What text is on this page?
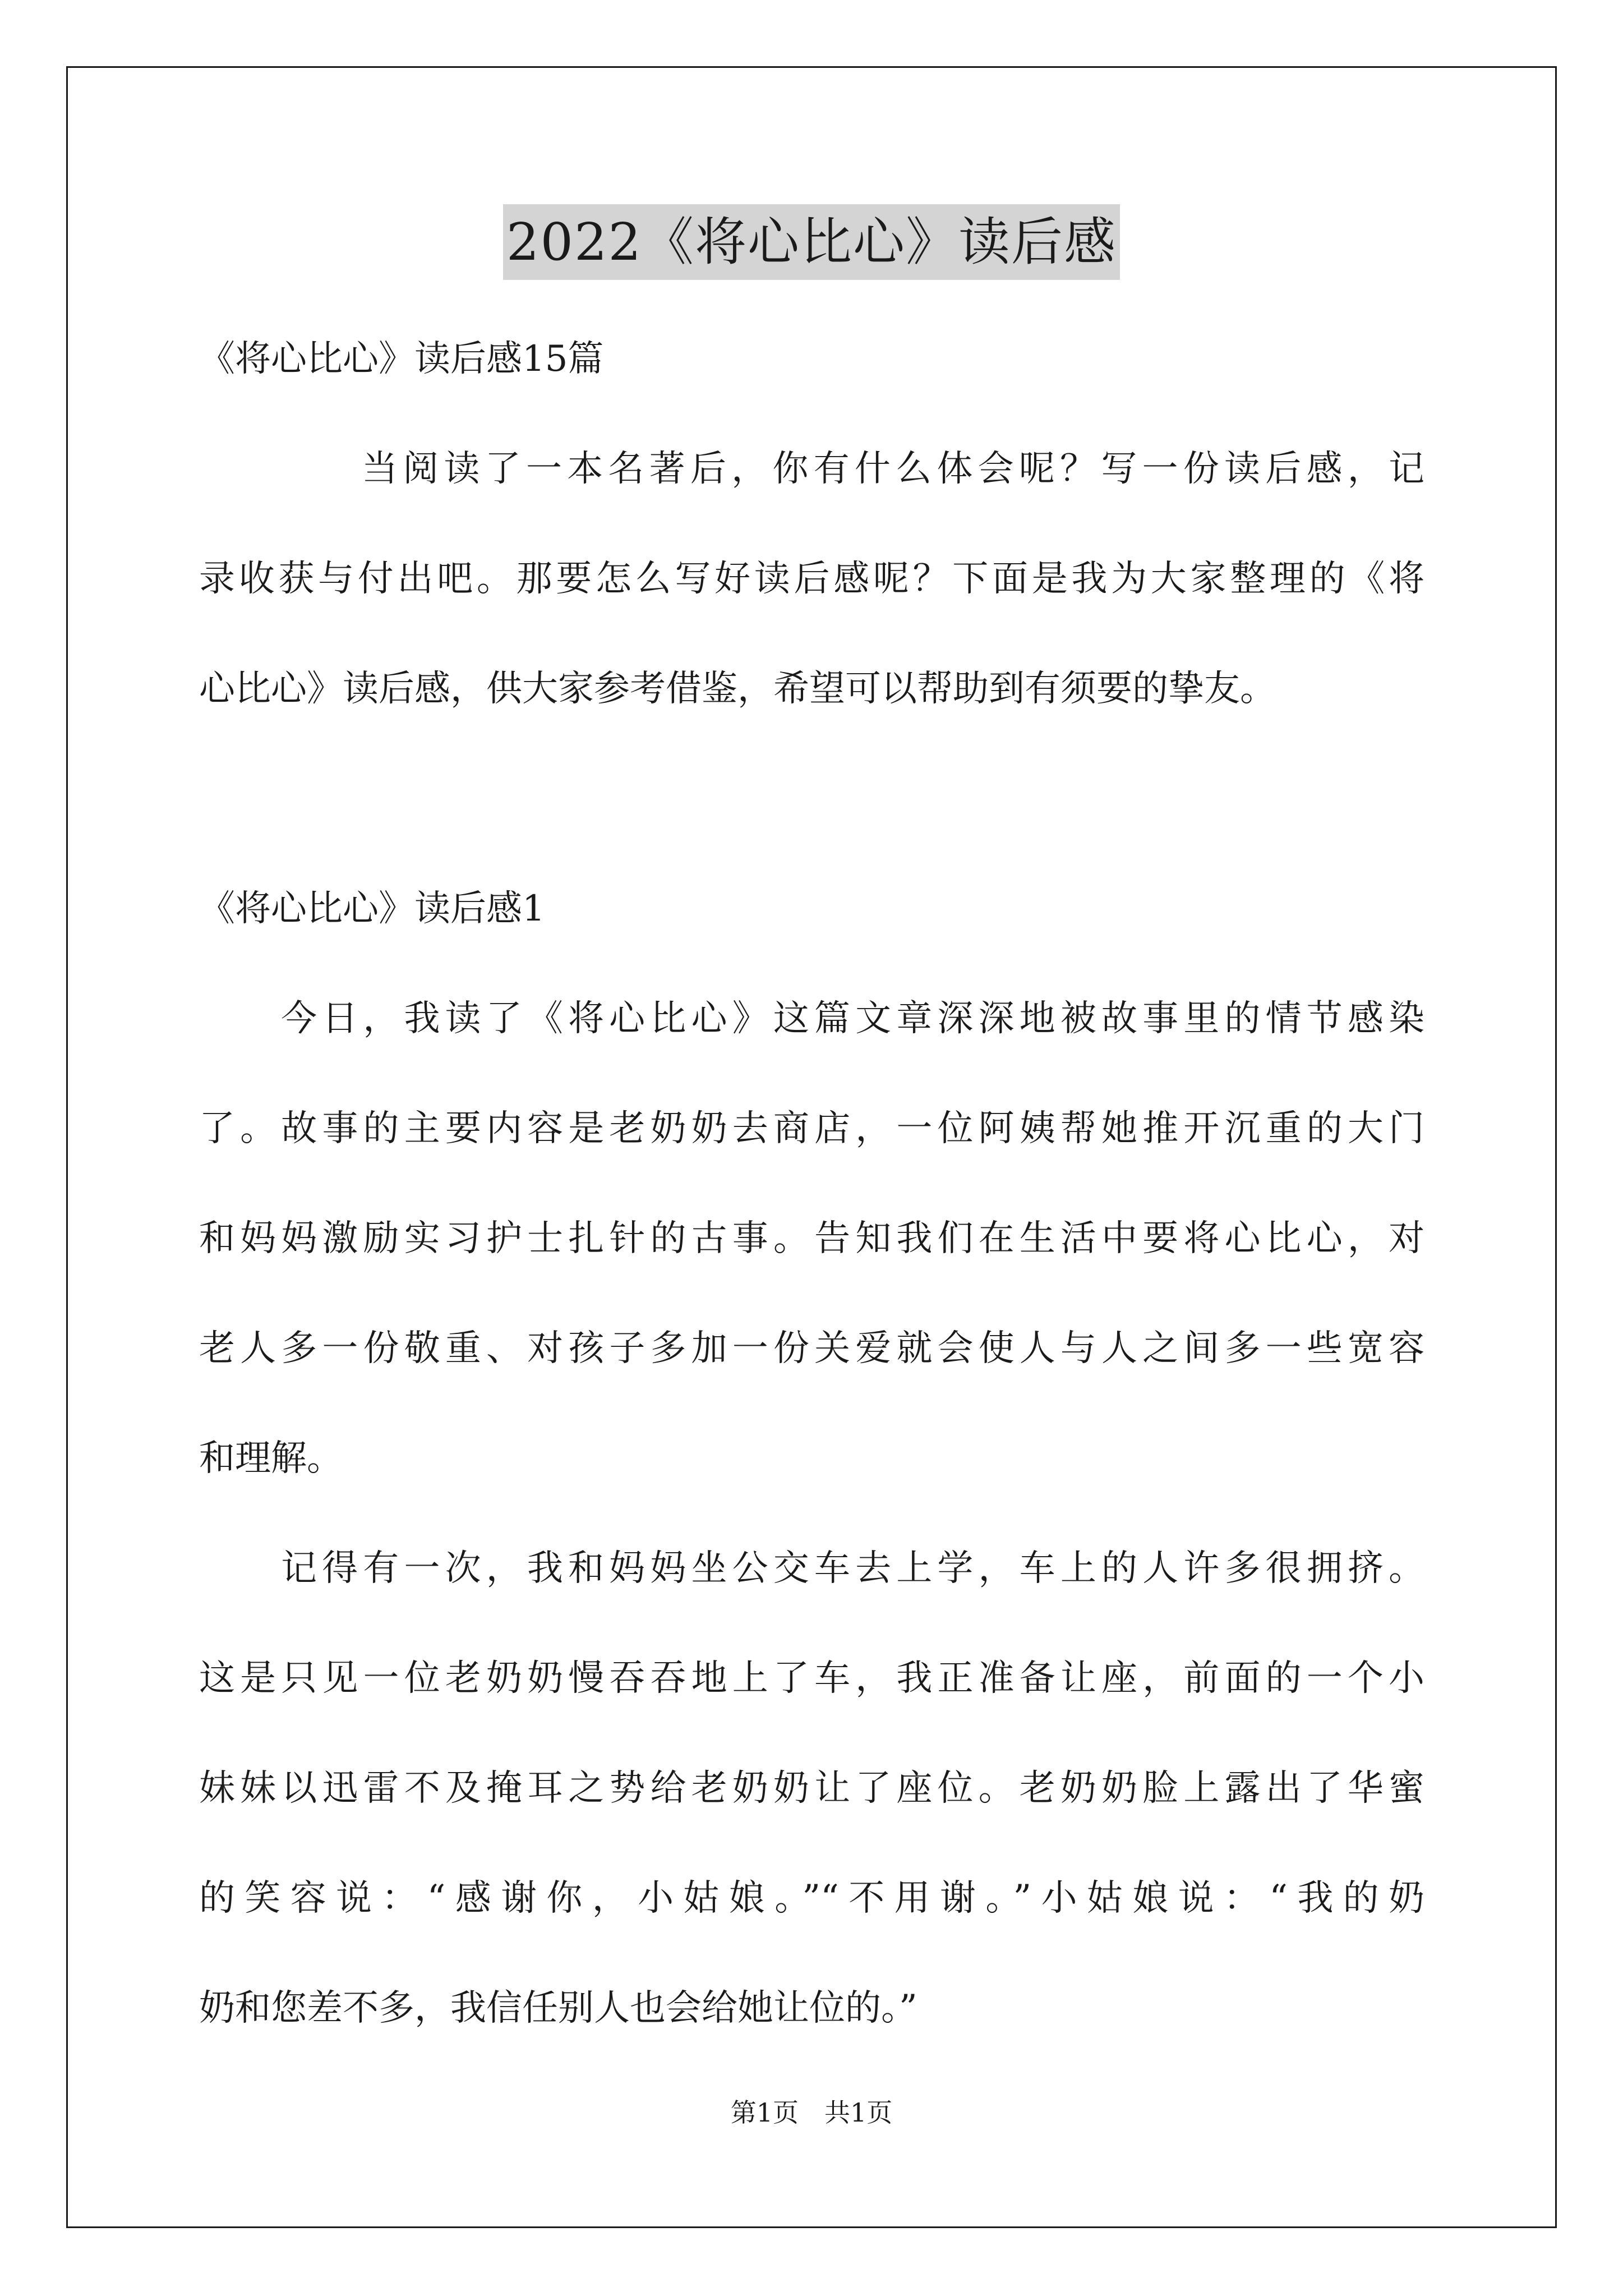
2022《将心比心》读后感
《将心比心》读后感15篇
当阅读了一本名著后，你有什么体会呢？写一份读后感，记
录收获与付出吧。那要怎么写好读后感呢？下面是我为大家整理的《将
心比心》读后感，供大家参考借鉴，希望可以帮助到有须要的挚友。
《将心比心》读后感1
今日，我读了《将心比心》这篇文章深深地被故事里的情节感染
了。故事的主要内容是老奶奶去商店，一位阿姨帮她推开沉重的大门
和妈妈激励实习护士扎针的古事。告知我们在生活中要将心比心，对
老人多一份敬重、对孩子多加一份关爱就会使人与人之间多一些宽容
和理解。
记得有一次，我和妈妈坐公交车去上学，车上的人许多很拥挤。
这是只见一位老奶奶慢吞吞地上了车，我正准备让座，前面的一个小
妹妹以迅雷不及掩耳之势给老奶奶让了座位。老奶奶脸上露出了华蜜
的笑容说：“感谢你，小姑娘。”“不用谢。”小姑娘说：“我的奶
奶和您差不多，我信任别人也会给她让位的。”
第1页　共1页
